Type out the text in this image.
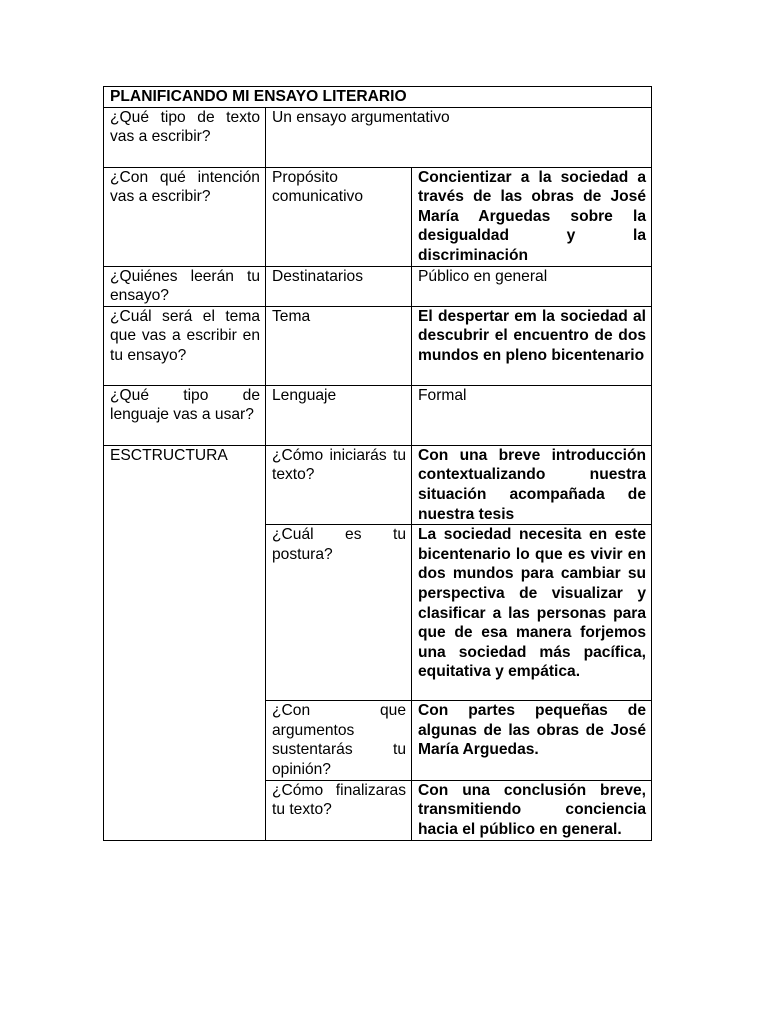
PLANIFICANDO MI ENSAYO LITERARIO		
¿Qué tipo de texto vas a escribir?	Un ensayo argumentativo	
¿Con qué intención vas a escribir?	Propósito comunicativo	Concientizar a la sociedad a través de las obras de José María Arguedas sobre la desigualdad y la discriminación
¿Quiénes leerán tu ensayo?	Destinatarios	Público en general
¿Cuál será el tema que vas a escribir en tu ensayo?	Tema	El despertar em la sociedad al descubrir el encuentro de dos mundos en pleno bicentenario
¿Qué tipo de lenguaje vas a usar?	Lenguaje	Formal
ESCTRUCTURA	¿Cómo iniciarás tu texto?	Con una breve introducción contextualizando nuestra situación acompañada de nuestra tesis
	¿Cuál es tu postura?	La sociedad necesita en este bicentenario lo que es vivir en dos mundos para cambiar su perspectiva de visualizar y clasificar a las personas para que de esa manera forjemos una sociedad más pacífica, equitativa y empática.
	¿Con que argumentos sustentarás tu opinión?	Con partes pequeñas de algunas de las obras de José María Arguedas.
	¿Cómo finalizaras tu texto?	Con una conclusión breve, transmitiendo conciencia hacia el público en general.
